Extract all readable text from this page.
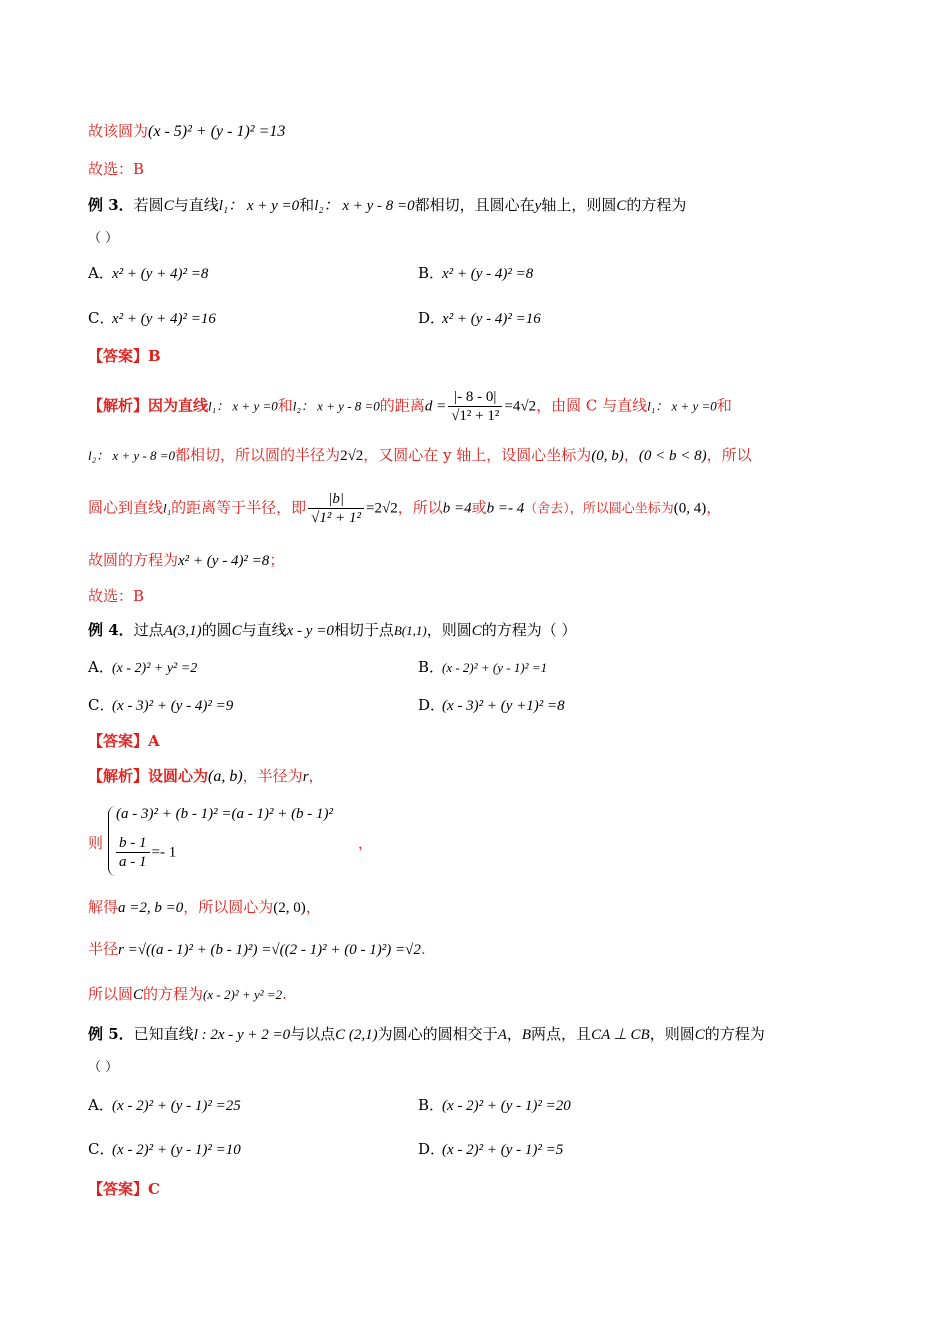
故该圆为(x - 5)² + (y - 1)² =13
故选：B
例 3．若圆C与直线l₁： x + y =0和l₂： x + y - 8 =0都相切，且圆心在y轴上，则圆C的方程为
（ ）
A．x² + (y + 4)² =8	B．x² + (y - 4)² =8
C．x² + (y + 4)² =16	D．x² + (y - 4)² =16
【答案】B
【解析】因为直线l₁： x + y =0和l₂： x + y - 8 =0的距离$d = \frac{|- 8 - 0|}{\text{√1² + 1²}} =4√2$，由圆 C 与直线l₁： x + y =0和
l₂： x + y - 8 =0都相切，所以圆的半径为2√2，又圆心在 y 轴上，设圆心坐标为(0, b)，(0 < b < 8)，所以
圆心到直线l₁的距离等于半径，即 $\frac{|b|}{\text{√1² + 1²}} =2√2$，所以b =4或b =- 4（舍去），所以圆心坐标为(0, 4)，
故圆的方程为x² + (y - 4)² =8；
故选：B
例 4．过点A(3,1)的圆C与直线x - y =0相切于点B(1,1)，则圆C的方程为（ ）
A．(x - 2)² + y² =2	B．(x - 2)² + (y - 1)² =1
C．(x - 3)² + (y - 4)² =9	D．(x - 3)² + (y +1)² =8
【答案】A
【解析】设圆心为(a, b)，半径为r，
则
(a - 3)² + (b - 1)² =(a - 1)² + (b - 1)²
$\frac{b - 1}{a - 1} =- 1$
，
解得a =2, b =0，所以圆心为(2, 0)，
半径r =√((a - 1)² + (b - 1)²) =√((2 - 1)² + (0 - 1)²) =√2.
所以圆C的方程为(x - 2)² + y² =2.
例 5．已知直线l : 2x - y + 2 =0与以点C (2,1)为圆心的圆相交于A，B两点，且CA ⊥ CB，则圆C的方程为
（ ）
A．(x - 2)² + (y - 1)² =25	B．(x - 2)² + (y - 1)² =20
C．(x - 2)² + (y - 1)² =10	D．(x - 2)² + (y - 1)² =5
【答案】C
